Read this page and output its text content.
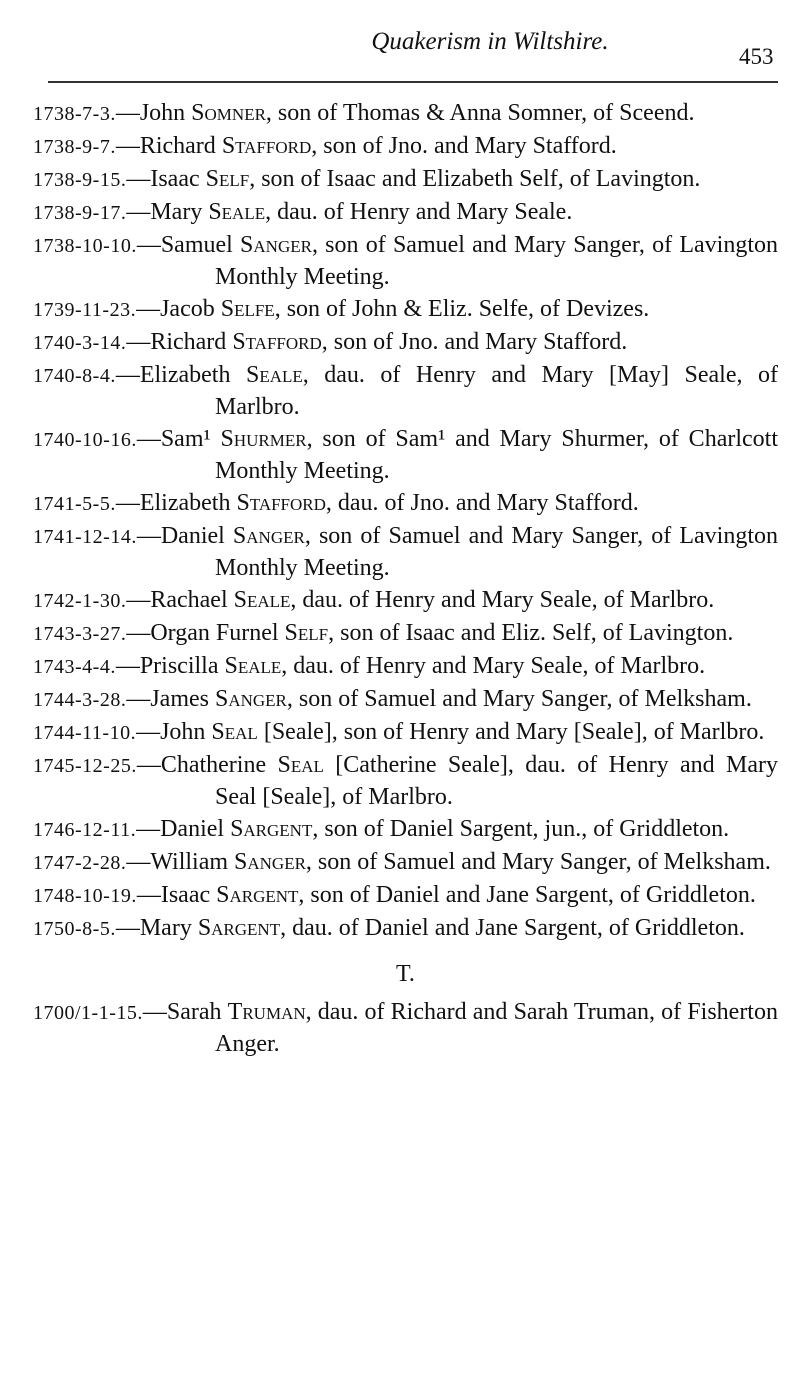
Quakerism in Wiltshire.
453
1738-7-3.—John Somner, son of Thomas & Anna Somner, of Sceend.
1738-9-7.—Richard Stafford, son of Jno. and Mary Stafford.
1738-9-15.—Isaac Self, son of Isaac and Elizabeth Self, of Lavington.
1738-9-17.—Mary Seale, dau. of Henry and Mary Seale.
1738-10-10.—Samuel Sanger, son of Samuel and Mary Sanger, of Lavington Monthly Meeting.
1739-11-23.—Jacob Selfe, son of John & Eliz. Selfe, of Devizes.
1740-3-14.—Richard Stafford, son of Jno. and Mary Stafford.
1740-8-4.—Elizabeth Seale, dau. of Henry and Mary [May] Seale, of Marlbro.
1740-10-16.—Sam¹ Shurmer, son of Sam¹ and Mary Shurmer, of Charlcott Monthly Meeting.
1741-5-5.—Elizabeth Stafford, dau. of Jno. and Mary Stafford.
1741-12-14.—Daniel Sanger, son of Samuel and Mary Sanger, of Lavington Monthly Meeting.
1742-1-30.—Rachael Seale, dau. of Henry and Mary Seale, of Marlbro.
1743-3-27.—Organ Furnel Self, son of Isaac and Eliz. Self, of Lavington.
1743-4-4.—Priscilla Seale, dau. of Henry and Mary Seale, of Marlbro.
1744-3-28.—James Sanger, son of Samuel and Mary Sanger, of Melksham.
1744-11-10.—John Seal [Seale], son of Henry and Mary [Seale], of Marlbro.
1745-12-25.—Chatherine Seal [Catherine Seale], dau. of Henry and Mary Seal [Seale], of Marlbro.
1746-12-11.—Daniel Sargent, son of Daniel Sargent, jun., of Griddleton.
1747-2-28.—William Sanger, son of Samuel and Mary Sanger, of Melksham.
1748-10-19.—Isaac Sargent, son of Daniel and Jane Sargent, of Griddleton.
1750-8-5.—Mary Sargent, dau. of Daniel and Jane Sargent, of Griddleton.
T.
1700/1-1-15.—Sarah Truman, dau. of Richard and Sarah Truman, of Fisherton Anger.
